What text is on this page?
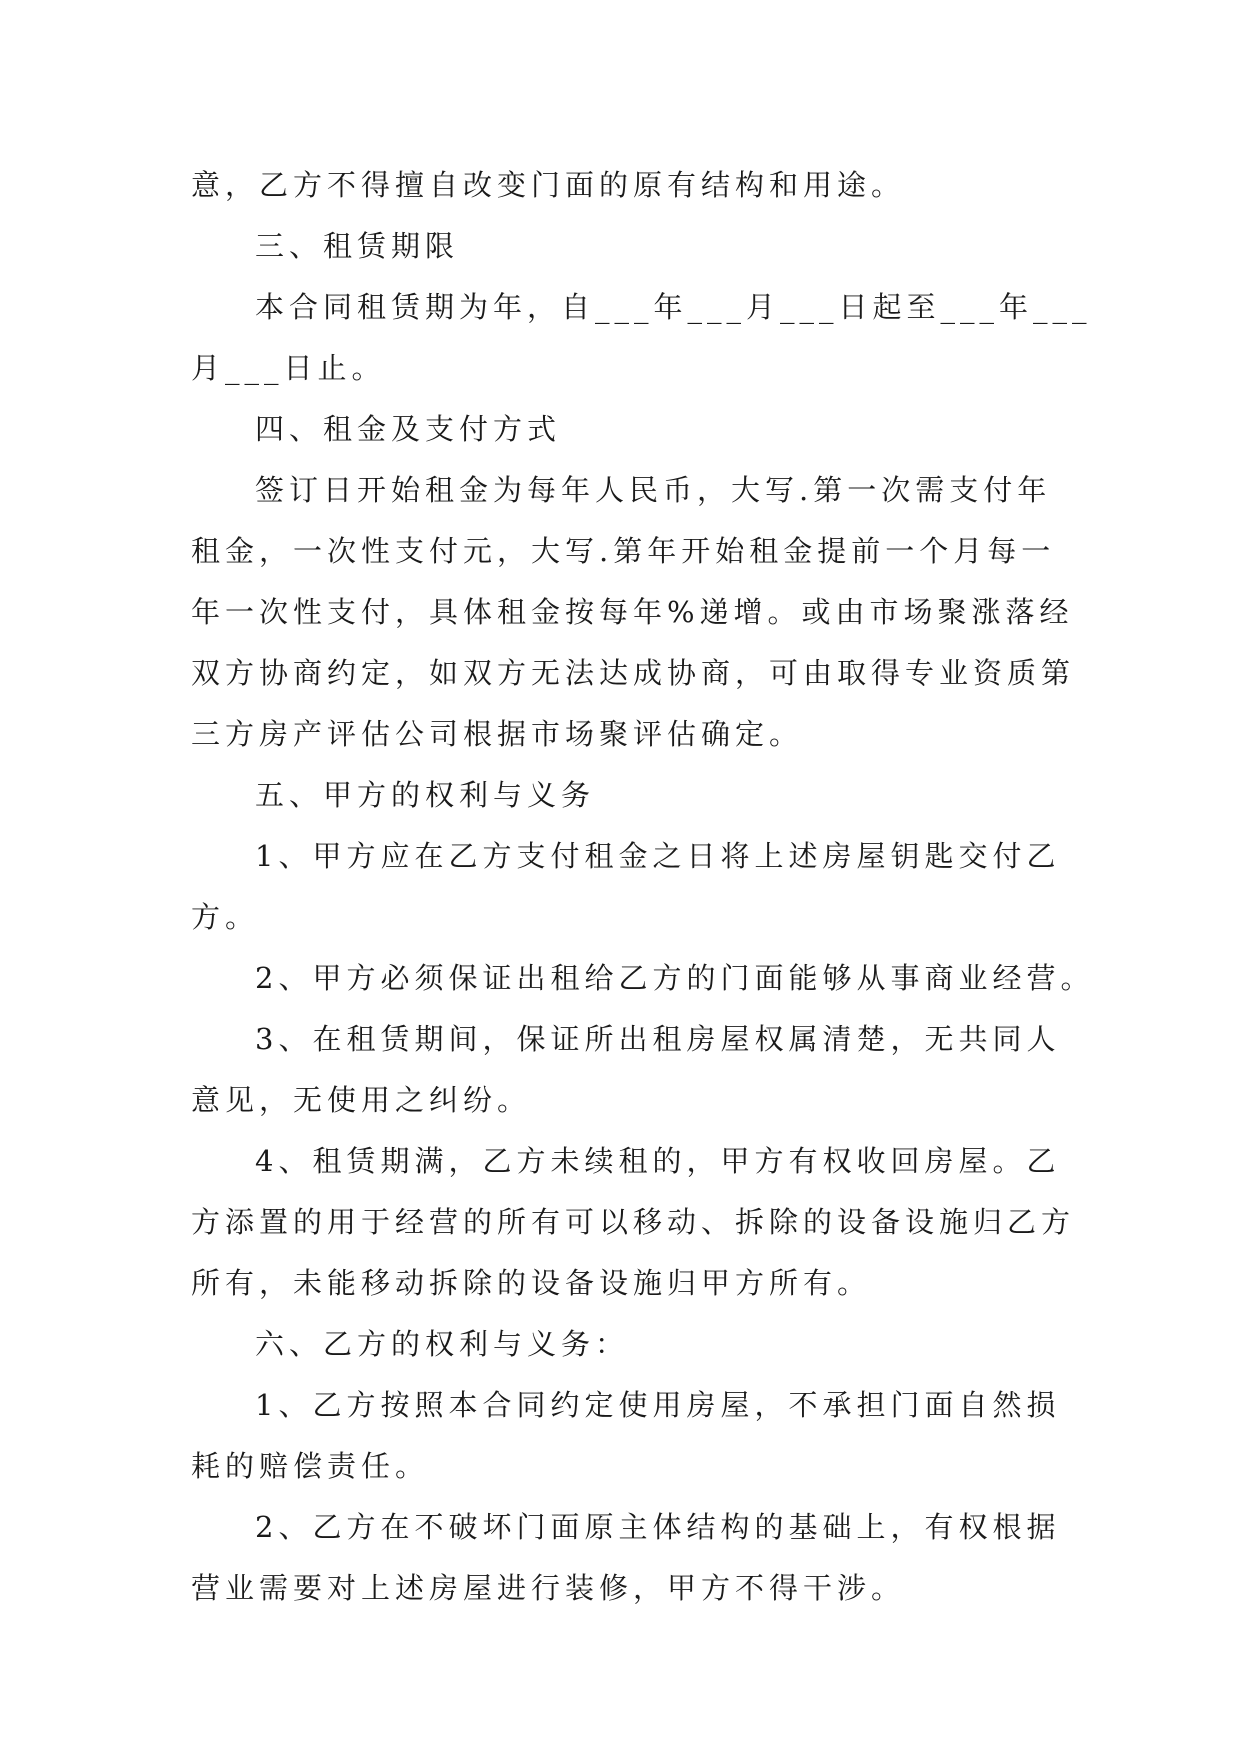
意，乙方不得擅自改变门面的原有结构和用途。
三、租赁期限
本合同租赁期为年，自___年___月___日起至___年___
月___日止。
四、租金及支付方式
签订日开始租金为每年人民币，大写.第一次需支付年
租金，一次性支付元，大写.第年开始租金提前一个月每一
年一次性支付，具体租金按每年%递增。或由市场聚涨落经
双方协商约定，如双方无法达成协商，可由取得专业资质第
三方房产评估公司根据市场聚评估确定。
五、甲方的权利与义务
1、甲方应在乙方支付租金之日将上述房屋钥匙交付乙
方。
2、甲方必须保证出租给乙方的门面能够从事商业经营。
3、在租赁期间，保证所出租房屋权属清楚，无共同人
意见，无使用之纠纷。
4、租赁期满，乙方未续租的，甲方有权收回房屋。乙
方添置的用于经营的所有可以移动、拆除的设备设施归乙方
所有，未能移动拆除的设备设施归甲方所有。
六、乙方的权利与义务：
1、乙方按照本合同约定使用房屋，不承担门面自然损
耗的赔偿责任。
2、乙方在不破坏门面原主体结构的基础上，有权根据
营业需要对上述房屋进行装修，甲方不得干涉。
